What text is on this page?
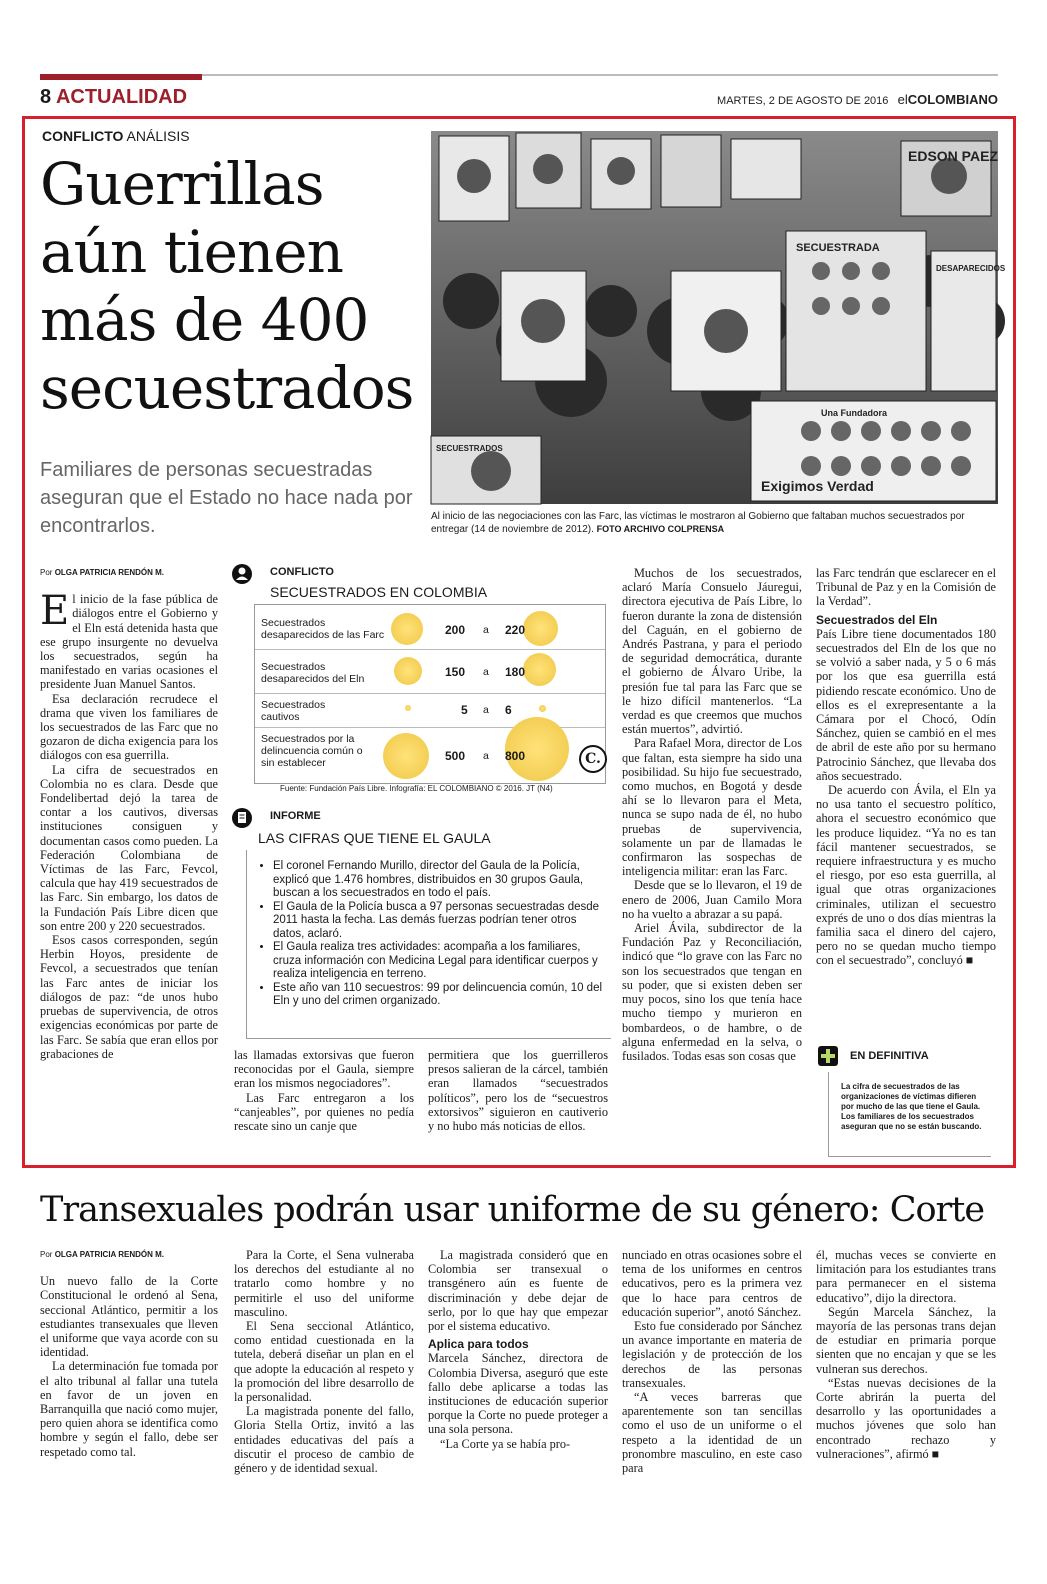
8 ACTUALIDAD	MARTES, 2 DE AGOSTO DE 2016 elCOLOMBIANO
CONFLICTO ANÁLISIS
Guerrillas
aún tienen
más de 400
secuestrados
Familiares de personas secuestradas aseguran que el Estado no hace nada por encontrarlos.
EDSON PAEZ
SECUESTRADA
DESAPARECIDOS
SECUESTRADOS
Exigimos Verdad
Una Fundadora
Al inicio de las negociaciones con las Farc, las víctimas le mostraron al Gobierno que faltaban muchos secuestrados por entregar (14 de noviembre de 2012). FOTO ARCHIVO COLPRENSA
Por OLGA PATRICIA RENDÓN M.

El inicio de la fase pública de diálogos entre el Gobierno y el Eln está detenida hasta que ese grupo insurgente no devuelva los secuestrados, según ha manifestado en varias ocasiones el presidente Juan Manuel Santos.

Esa declaración recrudece el drama que viven los familiares de los secuestrados de las Farc que no gozaron de dicha exigencia para los diálogos con esa guerrilla.

La cifra de secuestrados en Colombia no es clara. Desde que Fondelibertad dejó la tarea de contar a los cautivos, diversas instituciones consiguen y documentan casos como pueden. La Federación Colombiana de Víctimas de las Farc, Fevcol, calcula que hay 419 secuestrados de las Farc. Sin embargo, los datos de la Fundación País Libre dicen que son entre 200 y 220 secuestrados.

Esos casos corresponden, según Herbin Hoyos, presidente de Fevcol, a secuestrados que tenían las Farc antes de iniciar los diálogos de paz: “de unos hubo pruebas de supervivencia, de otros exigencias económicas por parte de las Farc. Se sabía que eran ellos por grabaciones de

CONFLICTO
SECUESTRADOS EN COLOMBIA
Secuestrados desaparecidos de las Farc
Secuestrados desaparecidos del Eln
Secuestrados cautivos
Secuestrados por la delincuencia común o sin establecer
200 a 220
150 a 180
5 a 6
500 a 800	C.
Fuente: Fundación País Libre. Infografía: EL COLOMBIANO © 2016. JT (N4)
INFORME
LAS CIFRAS QUE TIENE EL GAULA
• El coronel Fernando Murillo, director del Gaula de la Policía, explicó que 1.476 hombres, distribuidos en 30 grupos Gaula, buscan a los secuestrados en todo el país.
• El Gaula de la Policía busca a 97 personas secuestradas desde 2011 hasta la fecha. Las demás fuerzas podrían tener otros datos, aclaró.
• El Gaula realiza tres actividades: acompaña a los familiares, cruza información con Medicina Legal para identificar cuerpos y realiza inteligencia en terreno.
• Este año van 110 secuestros: 99 por delincuencia común, 10 del Eln y uno del crimen organizado.

las llamadas extorsivas que fueron reconocidas por el Gaula, siempre eran los mismos negociadores”.

Las Farc entregaron a los “canjeables”, por quienes no pedía rescate sino un canje que

permitiera que los guerrilleros presos salieran de la cárcel, también eran llamados “secuestrados políticos”, pero los de “secuestros extorsivos” siguieron en cautiverio y no hubo más noticias de ellos.

Muchos de los secuestrados, aclaró María Consuelo Jáuregui, directora ejecutiva de País Libre, lo fueron durante la zona de distensión del Caguán, en el gobierno de Andrés Pastrana, y para el periodo de seguridad democrática, durante el gobierno de Álvaro Uribe, la presión fue tal para las Farc que se le hizo difícil mantenerlos. “La verdad es que creemos que muchos están muertos”, advirtió.

Para Rafael Mora, director de Los que faltan, esta siempre ha sido una posibilidad. Su hijo fue secuestrado, como muchos, en Bogotá y desde ahí se lo llevaron para el Meta, nunca se supo nada de él, no hubo pruebas de supervivencia, solamente un par de llamadas le confirmaron las sospechas de inteligencia militar: eran las Farc.

Desde que se lo llevaron, el 19 de enero de 2006, Juan Camilo Mora no ha vuelto a abrazar a su papá.

Ariel Ávila, subdirector de la Fundación Paz y Reconciliación, indicó que “lo grave con las Farc no son los secuestrados que tengan en su poder, que si existen deben ser muy pocos, sino los que tenía hace mucho tiempo y murieron en bombardeos, o de hambre, o de alguna enfermedad en la selva, o fusilados. Todas esas son cosas que

las Farc tendrán que esclarecer en el Tribunal de Paz y en la Comisión de la Verdad”.

Secuestrados del Eln

País Libre tiene documentados 180 secuestrados del Eln de los que no se volvió a saber nada, y 5 o 6 más por los que esa guerrilla está pidiendo rescate económico. Uno de ellos es el exrepresentante a la Cámara por el Chocó, Odín Sánchez, quien se cambió en el mes de abril de este año por su hermano Patrocinio Sánchez, que llevaba dos años secuestrado.

De acuerdo con Ávila, el Eln ya no usa tanto el secuestro político, ahora el secuestro económico que les produce liquidez. “Ya no es tan fácil mantener secuestrados, se requiere infraestructura y es mucho el riesgo, por eso esta guerrilla, al igual que otras organizaciones criminales, utilizan el secuestro exprés de uno o dos días mientras la familia saca el dinero del cajero, pero no se quedan mucho tiempo con el secuestrado”, concluyó ■

EN DEFINITIVA
La cifra de secuestrados de las organizaciones de víctimas difieren por mucho de las que tiene el Gaula. Los familiares de los secuestrados aseguran que no se están buscando.
Transexuales podrán usar uniforme de su género: Corte
Por OLGA PATRICIA RENDÓN M.

Un nuevo fallo de la Corte Constitucional le ordenó al Sena, seccional Atlántico, permitir a los estudiantes transexuales que lleven el uniforme que vaya acorde con su identidad.

La determinación fue tomada por el alto tribunal al fallar una tutela en favor de un joven en Barranquilla que nació como mujer, pero quien ahora se identifica como hombre y según el fallo, debe ser respetado como tal.

Para la Corte, el Sena vulneraba los derechos del estudiante al no tratarlo como hombre y no permitirle el uso del uniforme masculino.

El Sena seccional Atlántico, como entidad cuestionada en la tutela, deberá diseñar un plan en el que adopte la educación al respeto y la promoción del libre desarrollo de la personalidad.

La magistrada ponente del fallo, Gloria Stella Ortiz, invitó a las entidades educativas del país a discutir el proceso de cambio de género y de identidad sexual.

La magistrada consideró que en Colombia ser transexual o transgénero aún es fuente de discriminación y debe dejar de serlo, por lo que hay que empezar por el sistema educativo.

Aplica para todos

Marcela Sánchez, directora de Colombia Diversa, aseguró que este fallo debe aplicarse a todas las instituciones de educación superior porque la Corte no puede proteger a una sola persona.

“La Corte ya se había pro-

nunciado en otras ocasiones sobre el tema de los uniformes en centros educativos, pero es la primera vez que lo hace para centros de educación superior”, anotó Sánchez.

Esto fue considerado por Sánchez un avance importante en materia de legislación y de protección de los derechos de las personas transexuales.

“A veces barreras que aparentemente son tan sencillas como el uso de un uniforme o el respeto a la identidad de un pronombre masculino, en este caso para

él, muchas veces se convierte en limitación para los estudiantes trans para permanecer en el sistema educativo”, dijo la directora.

Según Marcela Sánchez, la mayoría de las personas trans dejan de estudiar en primaria porque sienten que no encajan y que se les vulneran sus derechos.

“Estas nuevas decisiones de la Corte abrirán la puerta del desarrollo y las oportunidades a muchos jóvenes que solo han encontrado rechazo y vulneraciones”, afirmó ■
